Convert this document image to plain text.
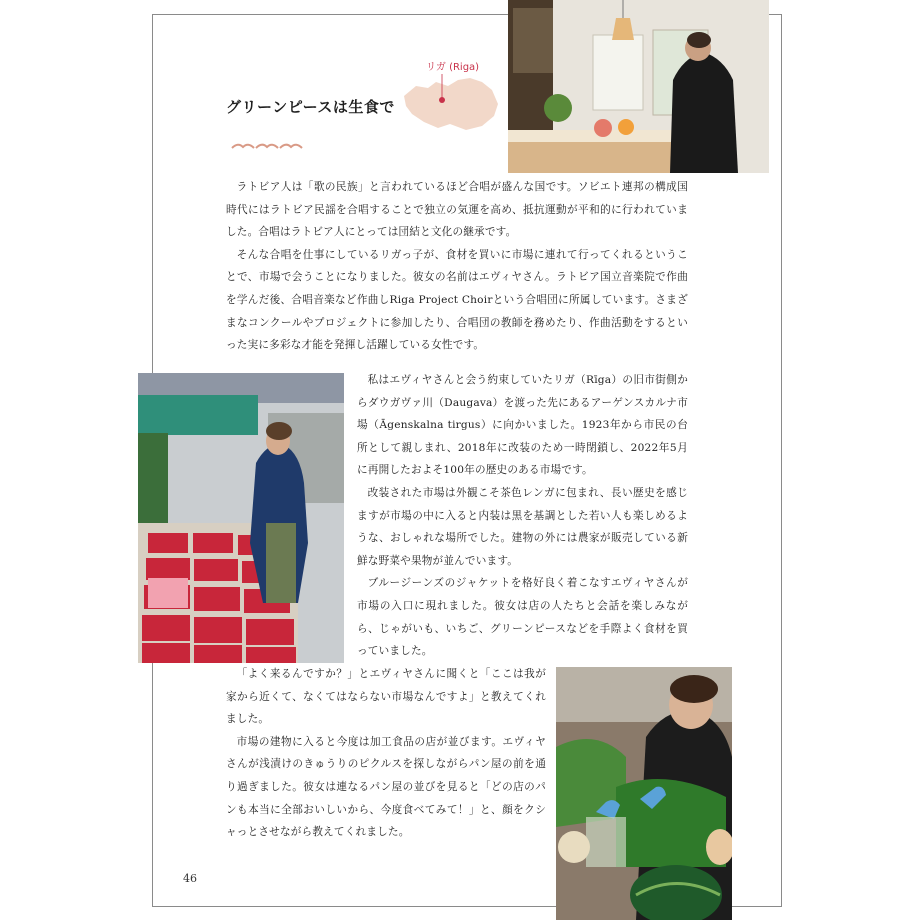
グリーンピースは生食で
リガ (Riga)

ラトビア人は「歌の民族」と言われているほど合唱が盛んな国です。ソビエト連邦の構成国時代にはラトビア民謡を合唱することで独立の気運を高め、抵抗運動が平和的に行われていました。合唱はラトビア人にとっては団結と文化の継承です。

そんな合唱を仕事にしているリガっ子が、食材を買いに市場に連れて行ってくれるということで、市場で会うことになりました。彼女の名前はエヴィヤさん。ラトビア国立音楽院で作曲を学んだ後、合唱音楽など作曲しRiga Project Choirという合唱団に所属しています。さまざまなコンクールやプロジェクトに参加したり、合唱団の教師を務めたり、作曲活動をするといった実に多彩な才能を発揮し活躍している女性です。

私はエヴィヤさんと会う約束していたリガ（Rīga）の旧市街側からダウガヴァ川（Daugava）を渡った先にあるアーゲンスカルナ市場（Āgenskalna tirgus）に向かいました。1923年から市民の台所として親しまれ、2018年に改装のため一時閉鎖し、2022年5月に再開したおよそ100年の歴史のある市場です。

改装された市場は外観こそ茶色レンガに包まれ、長い歴史を感じますが市場の中に入ると内装は黒を基調とした若い人も楽しめるような、おしゃれな場所でした。建物の外には農家が販売している新鮮な野菜や果物が並んでいます。

ブルージーンズのジャケットを格好良く着こなすエヴィヤさんが市場の入口に現れました。彼女は店の人たちと会話を楽しみながら、じゃがいも、いちご、グリーンピースなどを手際よく食材を買っていました。

「よく来るんですか？」とエヴィヤさんに聞くと「ここは我が家から近くて、なくてはならない市場なんですよ」と教えてくれました。

市場の建物に入ると今度は加工食品の店が並びます。エヴィヤさんが浅漬けのきゅうりのピクルスを探しながらパン屋の前を通り過ぎました。彼女は連なるパン屋の並びを見ると「どの店のパンも本当に全部おいしいから、今度食べてみて！」と、顔をクシャっとさせながら教えてくれました。

46
